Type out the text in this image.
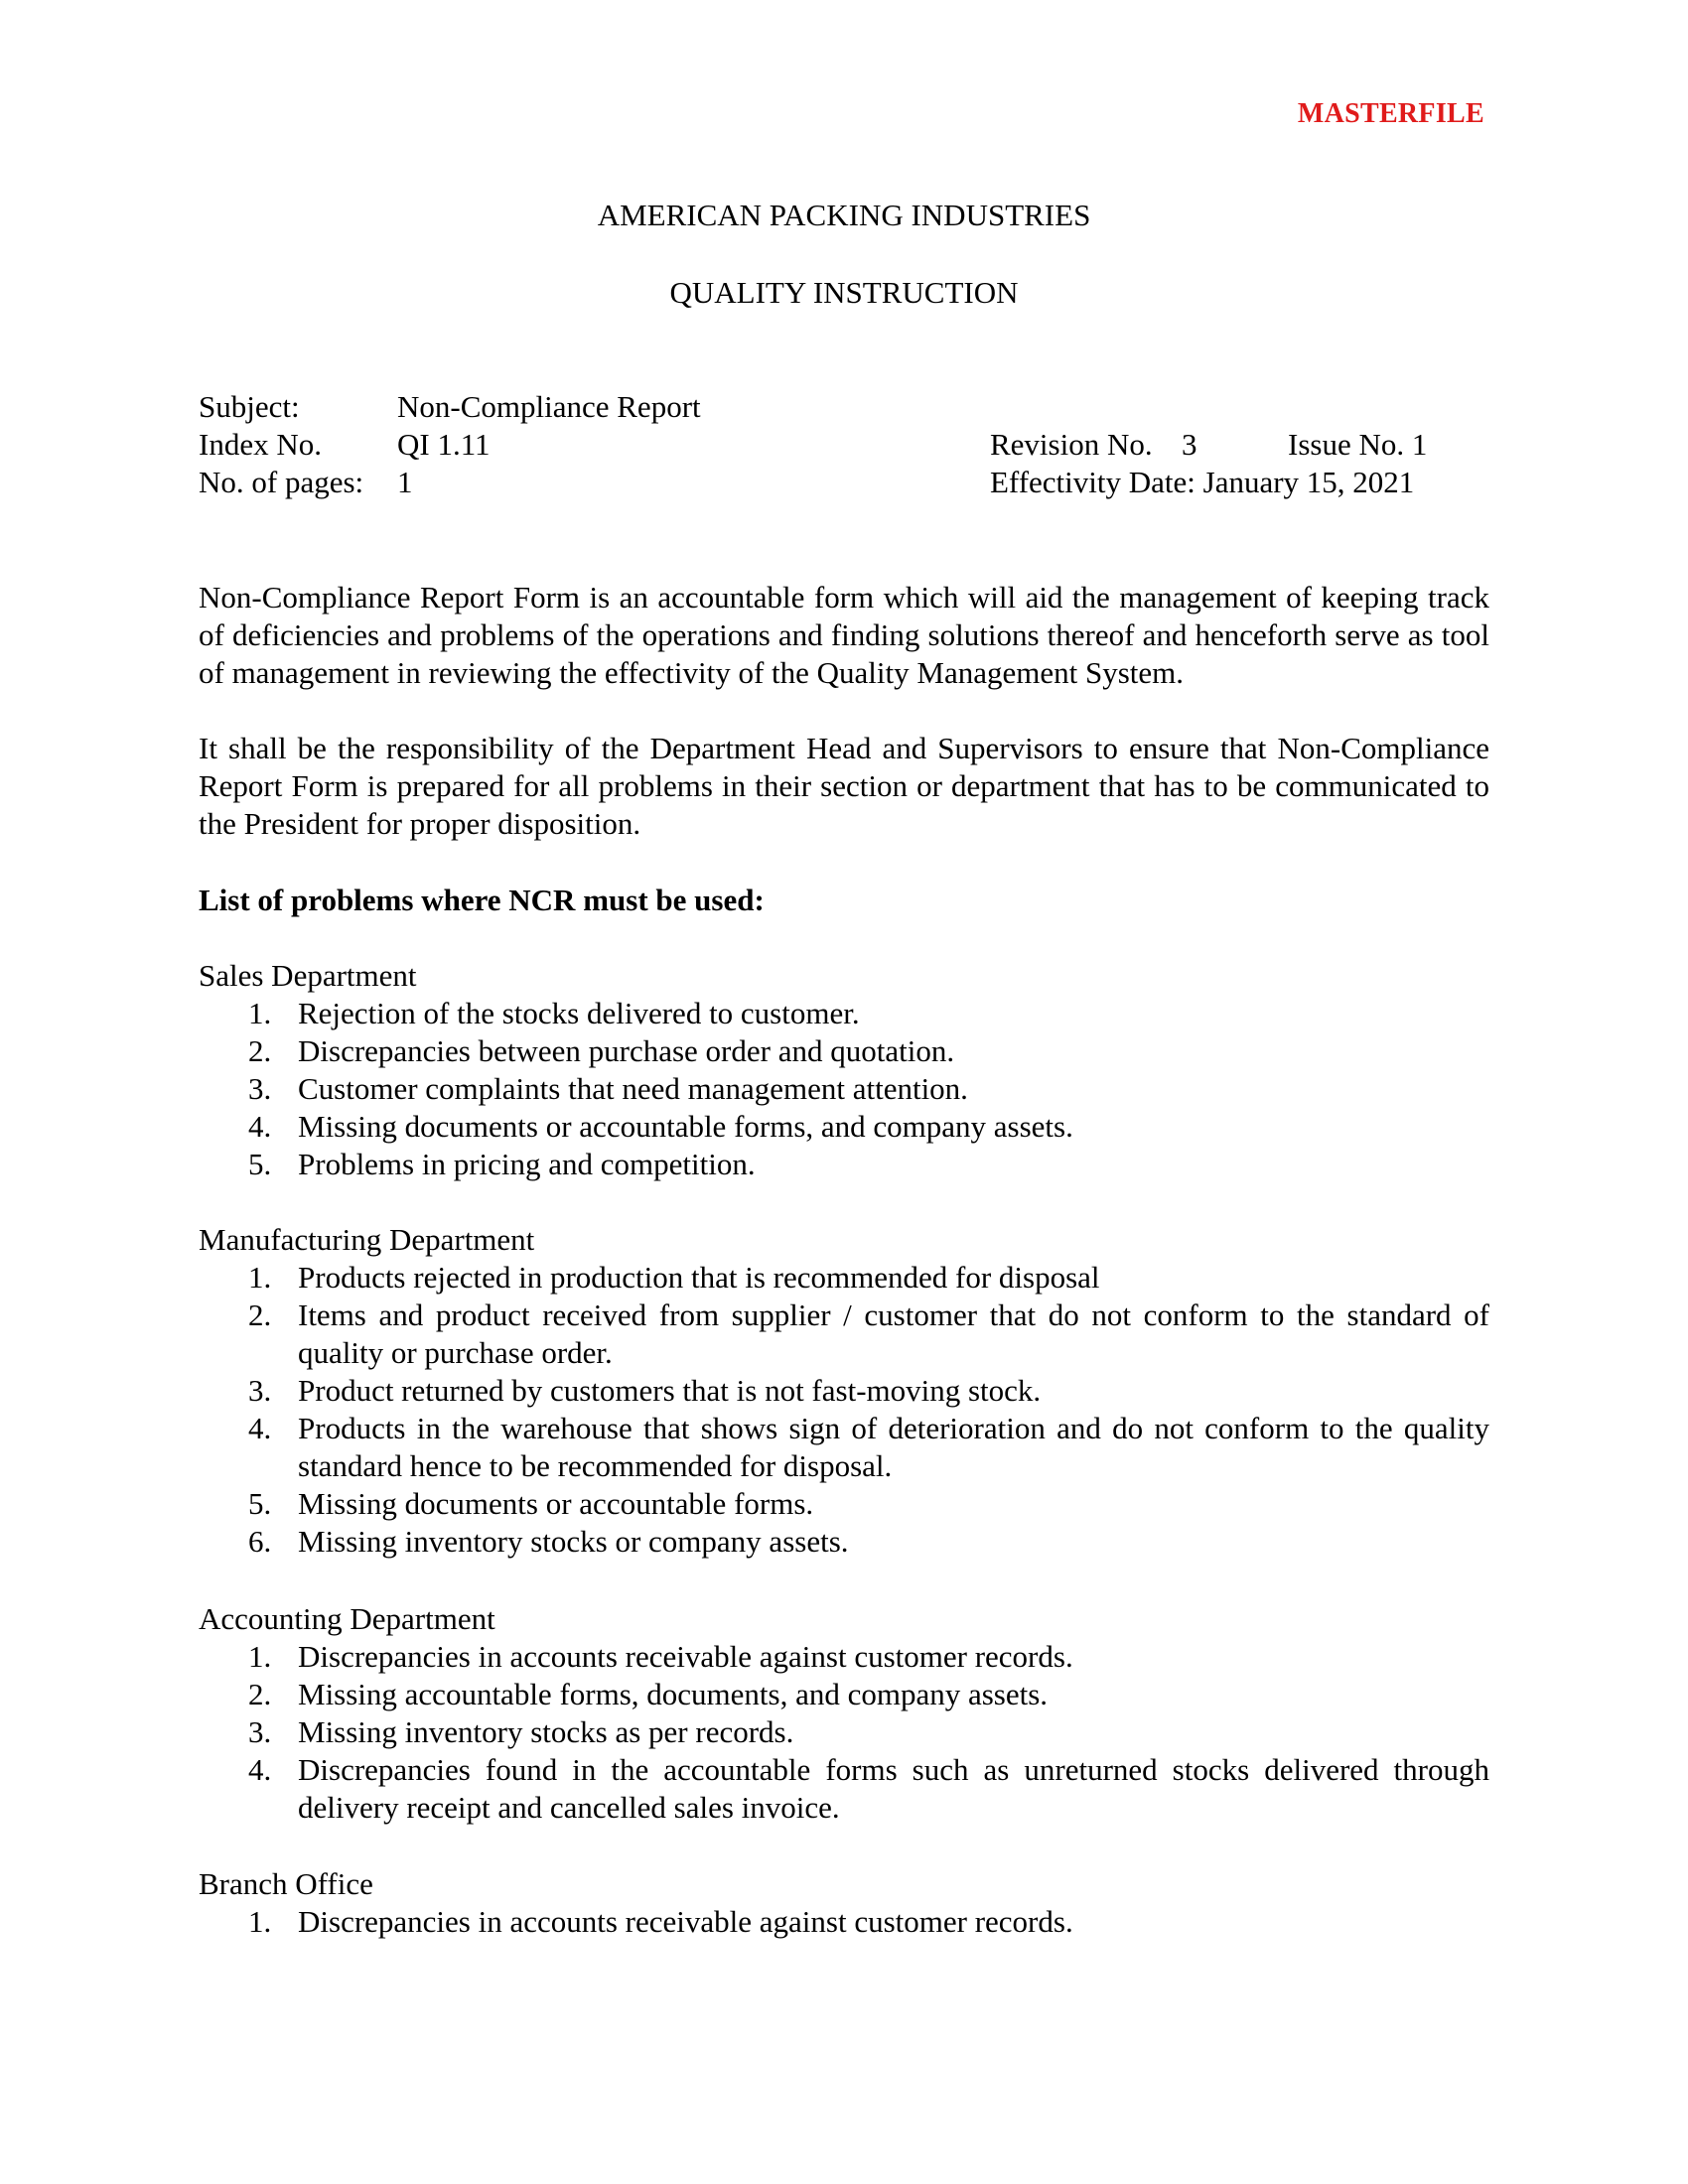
MASTERFILE
AMERICAN PACKING INDUSTRIES
QUALITY INSTRUCTION
Subject:	Non-Compliance Report
Index No. QI 1.11	Revision No. 3	Issue No. 1
No. of pages: 1	Effectivity Date: January 15, 2021

Non-Compliance Report Form is an accountable form which will aid the management of keeping track of deficiencies and problems of the operations and finding solutions thereof and henceforth serve as tool of management in reviewing the effectivity of the Quality Management System.

It shall be the responsibility of the Department Head and Supervisors to ensure that Non-Compliance Report Form is prepared for all problems in their section or department that has to be communicated to the President for proper disposition.

List of problems where NCR must be used:
Sales Department
1. Rejection of the stocks delivered to customer.
2. Discrepancies between purchase order and quotation.
3. Customer complaints that need management attention.
4. Missing documents or accountable forms, and company assets.
5. Problems in pricing and competition.
Manufacturing Department
1. Products rejected in production that is recommended for disposal
2. Items and product received from supplier / customer that do not conform to the standard of quality or purchase order.
3. Product returned by customers that is not fast-moving stock.
4. Products in the warehouse that shows sign of deterioration and do not conform to the quality standard hence to be recommended for disposal.
5. Missing documents or accountable forms.
6. Missing inventory stocks or company assets.
Accounting Department
1. Discrepancies in accounts receivable against customer records.
2. Missing accountable forms, documents, and company assets.
3. Missing inventory stocks as per records.
4. Discrepancies found in the accountable forms such as unreturned stocks delivered through delivery receipt and cancelled sales invoice.
Branch Office
1. Discrepancies in accounts receivable against customer records.
